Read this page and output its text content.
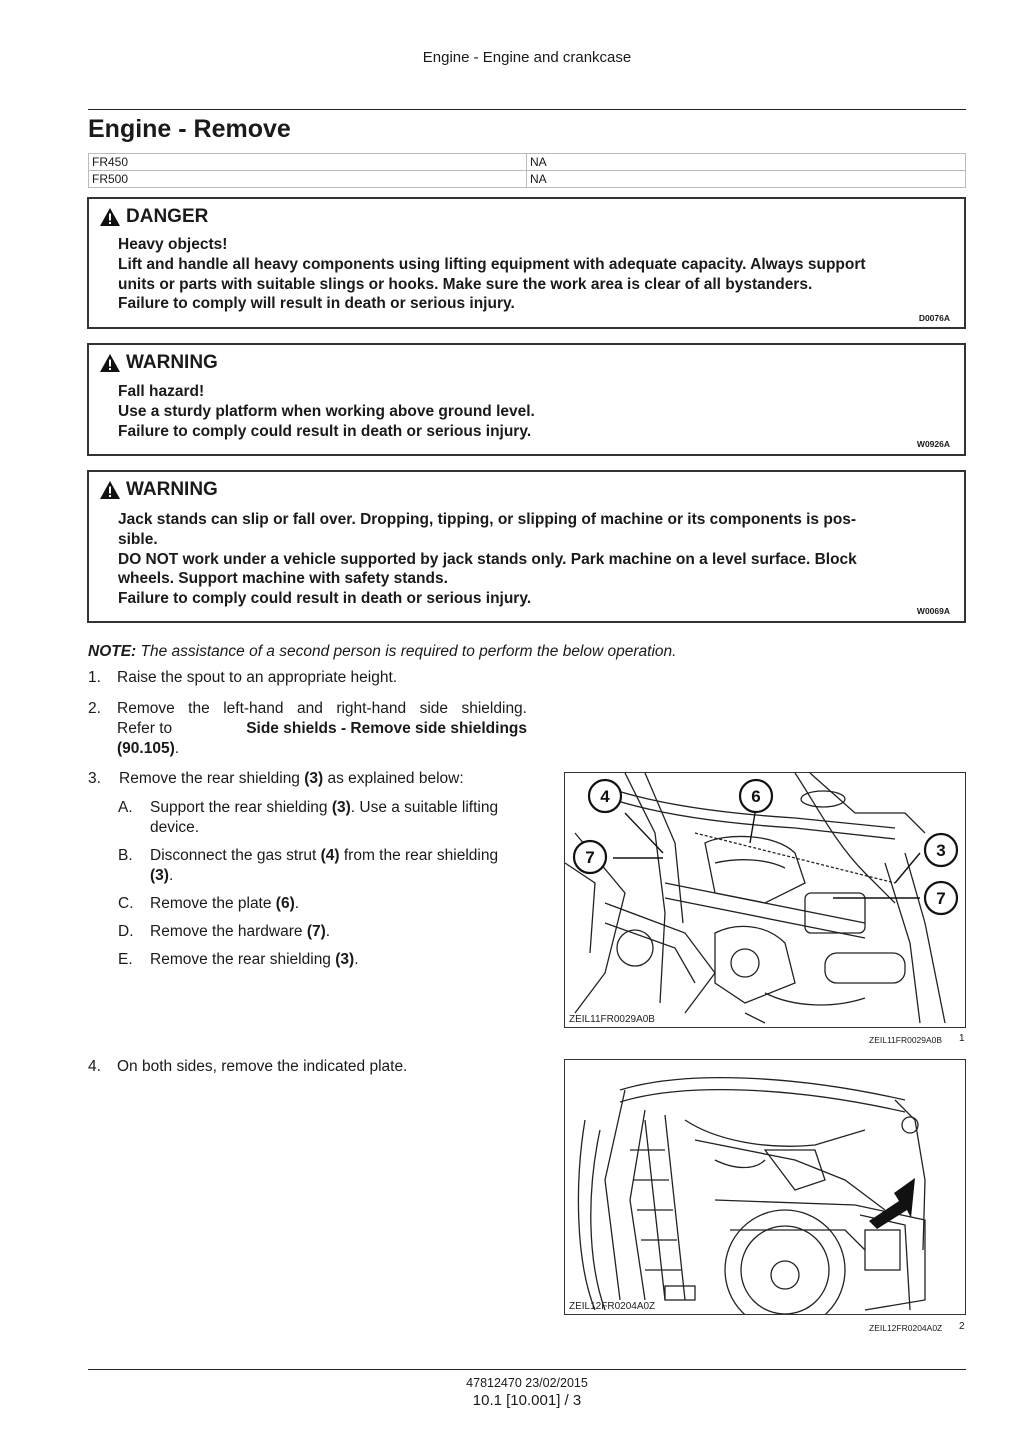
Engine - Engine and crankcase
Engine - Remove
FR450	NA
FR500	NA
DANGER
Heavy objects!
Lift and handle all heavy components using lifting equipment with adequate capacity. Always support
units or parts with suitable slings or hooks. Make sure the work area is clear of all bystanders.
Failure to comply will result in death or serious injury.
D0076A
WARNING
Fall hazard!
Use a sturdy platform when working above ground level.
Failure to comply could result in death or serious injury.
W0926A
WARNING
Jack stands can slip or fall over. Dropping, tipping, or slipping of machine or its components is pos-
sible.
DO NOT work under a vehicle supported by jack stands only. Park machine on a level surface. Block
wheels. Support machine with safety stands.
Failure to comply could result in death or serious injury.
W0069A
NOTE: The assistance of a second person is required to perform the below operation.
1. Raise the spout to an appropriate height.
2. Remove the left-hand and right-hand side shielding.
Refer to	Side shields - Remove side shieldings
(90.105).
3. Remove the rear shielding (3) as explained below:
A. Support the rear shielding (3). Use a suitable lifting
device.
B. Disconnect the gas strut (4) from the rear shielding
(3).
C. Remove the plate (6).
D. Remove the hardware (7).
E. Remove the rear shielding (3).
4	6
7	3
7
ZEIL11FR0029A0B
ZEIL11FR0029A0B 1
4. On both sides, remove the indicated plate.
ZEIL12FR0204A0Z
ZEIL12FR0204A0Z 2
47812470 23/02/2015
10.1 [10.001] / 3
